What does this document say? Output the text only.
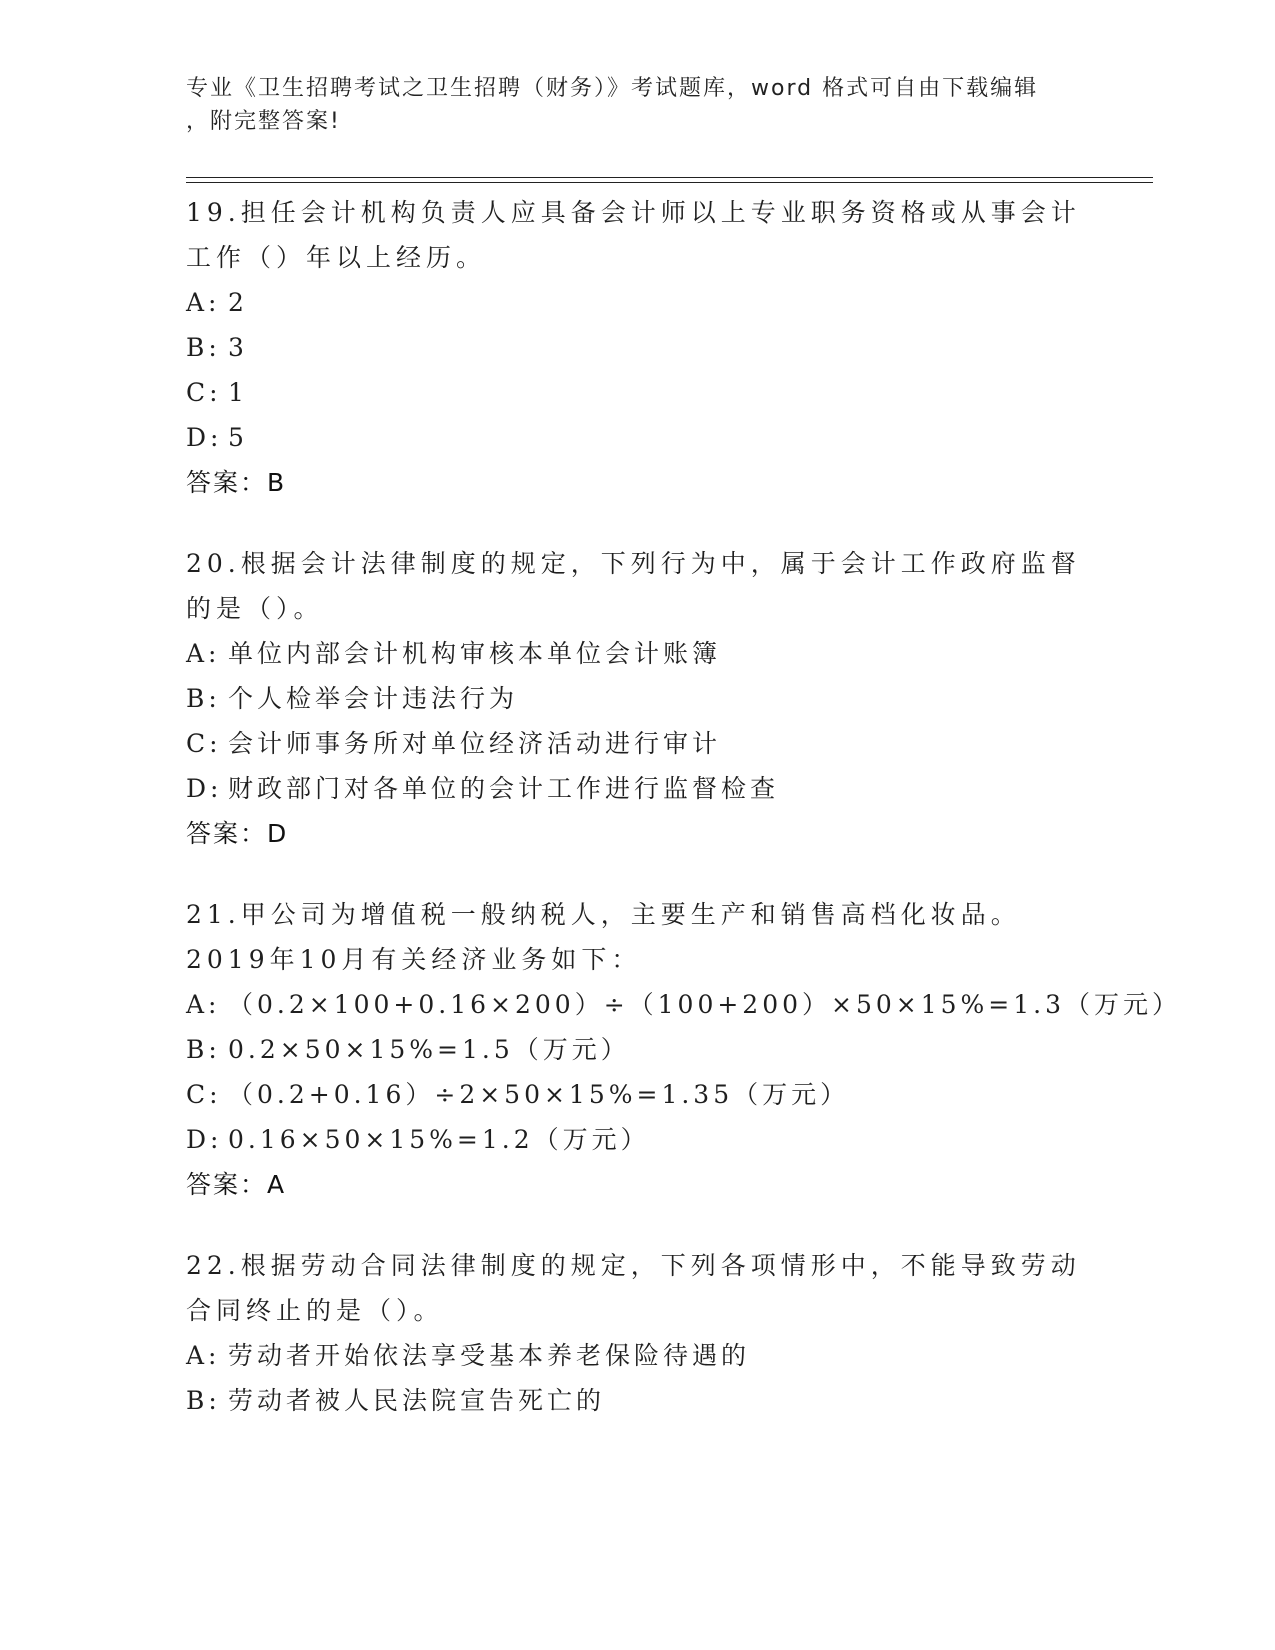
专业《卫生招聘考试之卫生招聘（财务）》考试题库，word 格式可自由下载编辑
，附完整答案!
19.担任会计机构负责人应具备会计师以上专业职务资格或从事会计工作（）年以上经历。
A: 2
B: 3
C: 1
D: 5
答案：B
20.根据会计法律制度的规定，下列行为中，属于会计工作政府监督的是（）。
A: 单位内部会计机构审核本单位会计账簿
B: 个人检举会计违法行为
C: 会计师事务所对单位经济活动进行审计
D: 财政部门对各单位的会计工作进行监督检查
答案：D
21.甲公司为增值税一般纳税人，主要生产和销售高档化妆品。2019年10月有关经济业务如下：
A: （0.2×100+0.16×200）÷（100+200）×50×15%=1.3（万元）
B: 0.2×50×15%=1.5（万元）
C: （0.2+0.16）÷2×50×15%=1.35（万元）
D: 0.16×50×15%=1.2（万元）
答案：A
22.根据劳动合同法律制度的规定，下列各项情形中，不能导致劳动合同终止的是（）。
A: 劳动者开始依法享受基本养老保险待遇的
B: 劳动者被人民法院宣告死亡的
